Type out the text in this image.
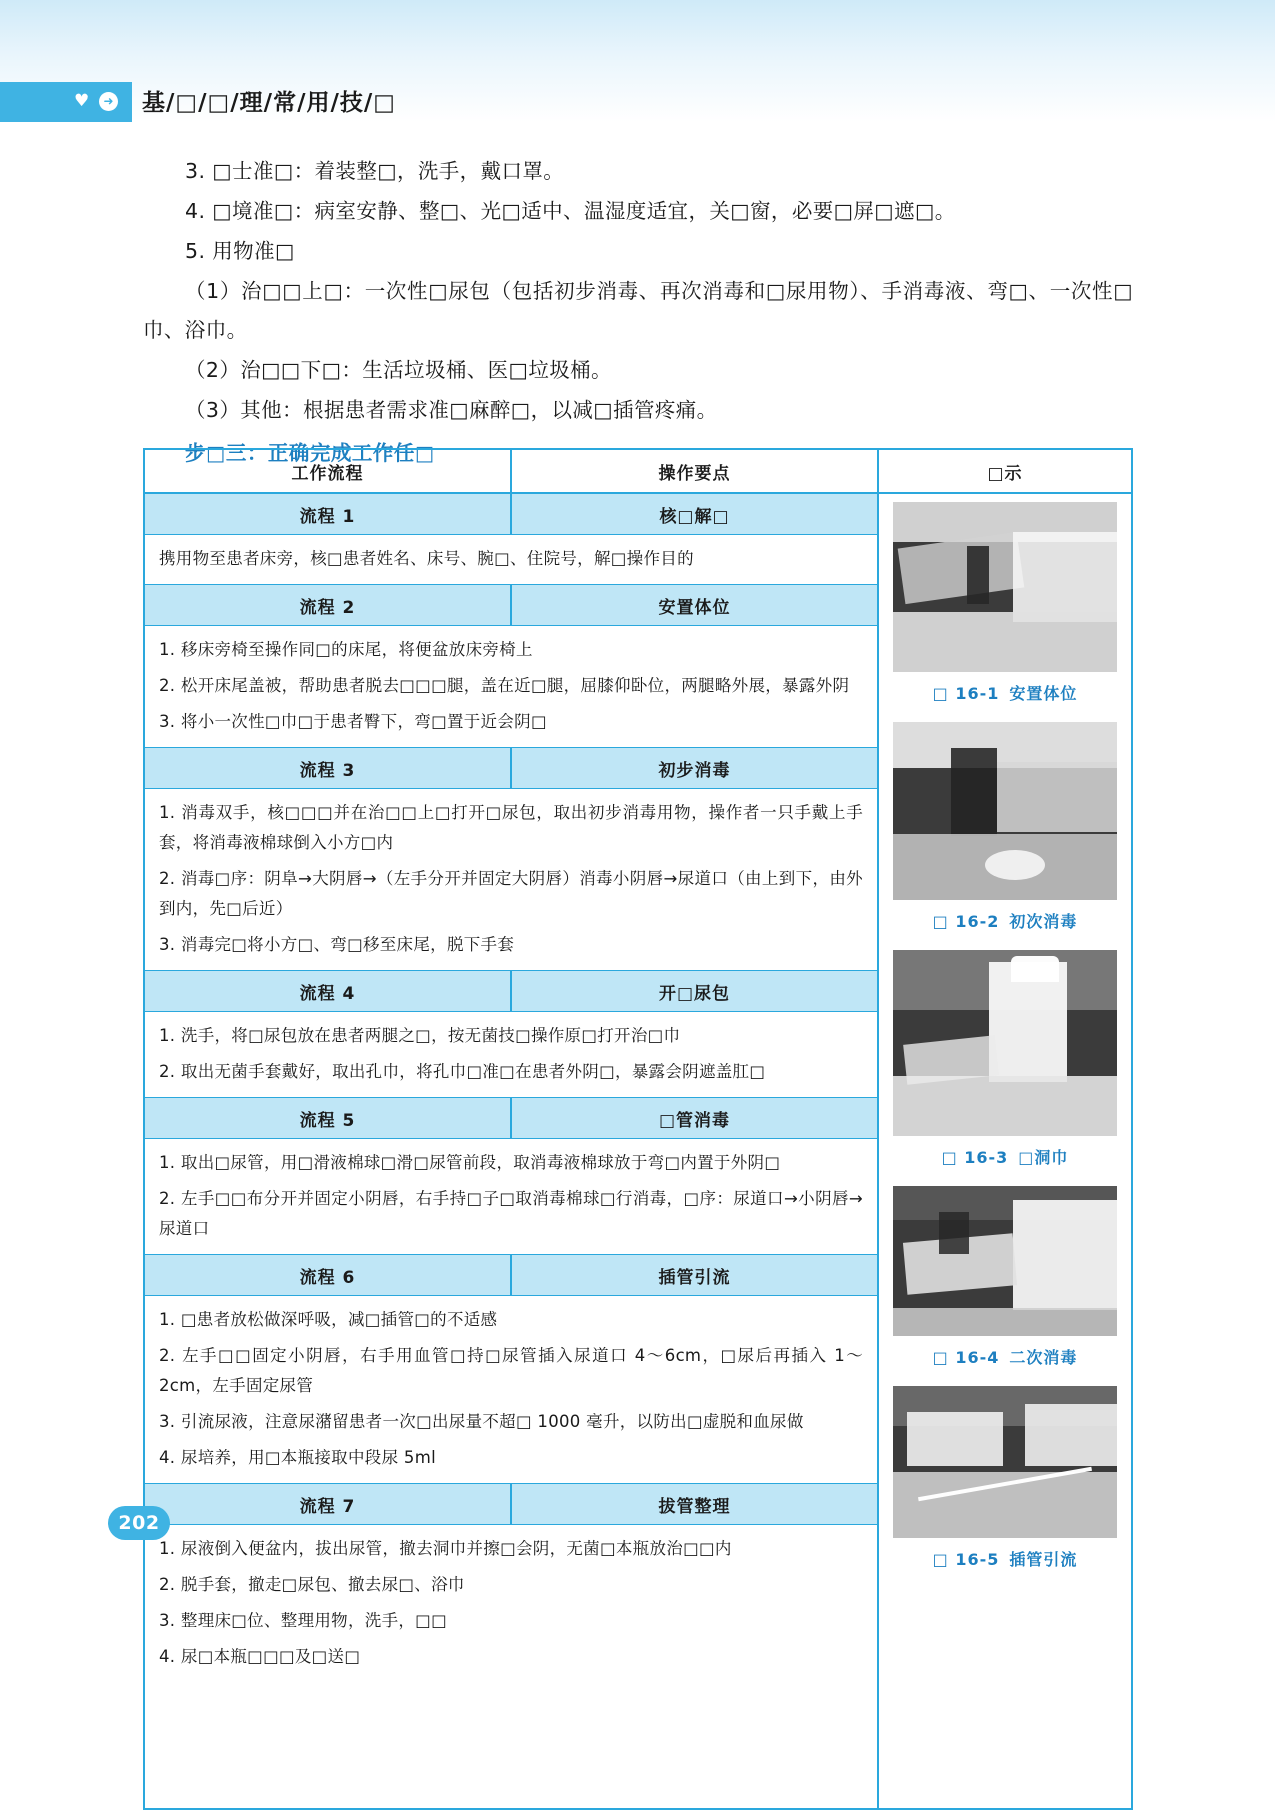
♥	➜ 基/□/□/理/常/用/技/□

3. □士准□：着装整□，洗手，戴口罩。

4. □境准□：病室安静、整□、光□适中、温湿度适宜，关□窗，必要□屏□遮□。

5. 用物准□

（1）治□□上□：一次性□尿包（包括初步消毒、再次消毒和□尿用物）、手消毒液、弯□、一次性□巾、浴巾。

（2）治□□下□：生活垃圾桶、医□垃圾桶。

（3）其他：根据患者需求准□麻醉□，以减□插管疼痛。

步□三：正确完成工作任□
工作流程	操作要点
流程 1	核□解□

携用物至患者床旁，核□患者姓名、床号、腕□、住院号，解□操作目的

流程 2	安置体位

1. 移床旁椅至操作同□的床尾，将便盆放床旁椅上

2. 松开床尾盖被，帮助患者脱去□□□腿，盖在近□腿，屈膝仰卧位，两腿略外展，暴露外阴

3. 将小一次性□巾□于患者臀下，弯□置于近会阴□

流程 3	初步消毒

1. 消毒双手，核□□□并在治□□上□打开□尿包，取出初步消毒用物，操作者一只手戴上手套，将消毒液棉球倒入小方□内

2. 消毒□序：阴阜→大阴唇→（左手分开并固定大阴唇）消毒小阴唇→尿道口（由上到下，由外到内，先□后近）

3. 消毒完□将小方□、弯□移至床尾，脱下手套

流程 4	开□尿包

1. 洗手，将□尿包放在患者两腿之□，按无菌技□操作原□打开治□巾

2. 取出无菌手套戴好，取出孔巾，将孔巾□准□在患者外阴□，暴露会阴遮盖肛□

流程 5	□管消毒

1. 取出□尿管，用□滑液棉球□滑□尿管前段，取消毒液棉球放于弯□内置于外阴□

2. 左手□□布分开并固定小阴唇，右手持□子□取消毒棉球□行消毒，□序：尿道口→小阴唇→尿道口

流程 6	插管引流

1. □患者放松做深呼吸，减□插管□的不适感

2. 左手□□固定小阴唇，右手用血管□持□尿管插入尿道口 4～6cm，□尿后再插入 1～2cm，左手固定尿管

3. 引流尿液，注意尿潴留患者一次□出尿量不超□ 1000 毫升，以防出□虚脱和血尿做

4. 尿培养，用□本瓶接取中段尿 5ml

流程 7	拔管整理

1. 尿液倒入便盆内，拔出尿管，撤去洞巾并擦□会阴，无菌□本瓶放治□□内

2. 脱手套，撤走□尿包、撤去尿□、浴巾

3. 整理床□位、整理用物，洗手，□□

4. 尿□本瓶□□□及□送□

□示
□ 16-1 安置体位
□ 16-2 初次消毒
□ 16-3 □洞巾
□ 16-4 二次消毒
□ 16-5 插管引流
202
